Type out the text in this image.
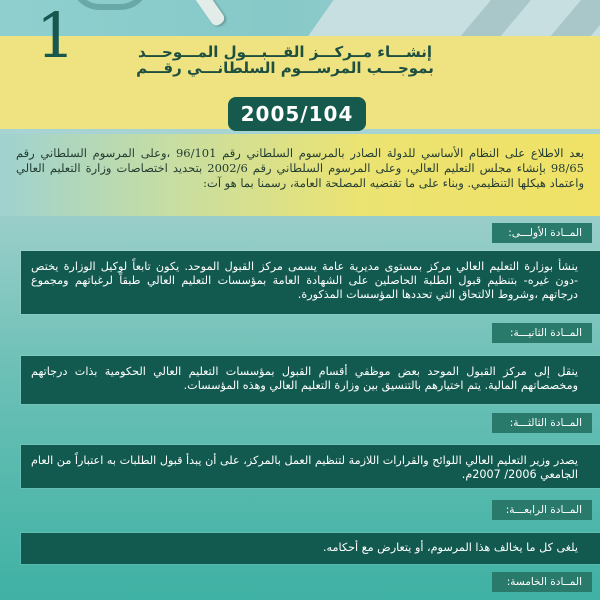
1	إنشـــاء مــركـــز القـــبـــول المـــوحـــد
بموجـــب المرســـوم السلطانـــي رقـــم
2005/104
بعد الاطلاع على النظام الأساسي للدولة الصادر بالمرسوم السلطاني رقم 96/101 ،وعلى المرسوم السلطاني رقم 98/65 بإنشاء مجلس التعليم العالي، وعلى المرسوم السلطاني رقم 2002/6 بتحديد اختصاصات وزارة التعليم العالي واعتماد هيكلها التنظيمي. وبناء على ما تقتضيه المصلحة العامة، رسمنا بما هو آت:
المــادة الأولـــى:
ينشأ بوزارة التعليم العالي مركز بمستوى مديرية عامة يسمى مركز القبول الموحد. يكون تابعاً لوكيل الوزارة يختص -دون غيره- بتنظيم قبول الطلبة الحاصلين على الشهادة العامة بمؤسسات التعليم العالي طبقاً لرغباتهم ومجموع درجاتهم ،وشروط الالتحاق التي تحددها المؤسسات المذكورة.
المــادة الثانيـــة:
ينقل إلى مركز القبول الموحد بعض موظفي أقسام القبول بمؤسسات التعليم العالي الحكومية بذات درجاتهم ومخصصاتهم المالية. يتم اختيارهم بالتنسيق بين وزارة التعليم العالي وهذه المؤسسات.
المــادة الثالثـــة:
يصدر وزير التعليم العالي اللوائح والقرارات اللازمة لتنظيم العمل بالمركز، على أن يبدأ قبول الطلبات به اعتباراً من العام الجامعي 2006/ 2007م.
المــادة الرابعـــة:
يلغى كل ما يخالف هذا المرسوم، أو يتعارض مع أحكامه.
المــادة الخامسة:
